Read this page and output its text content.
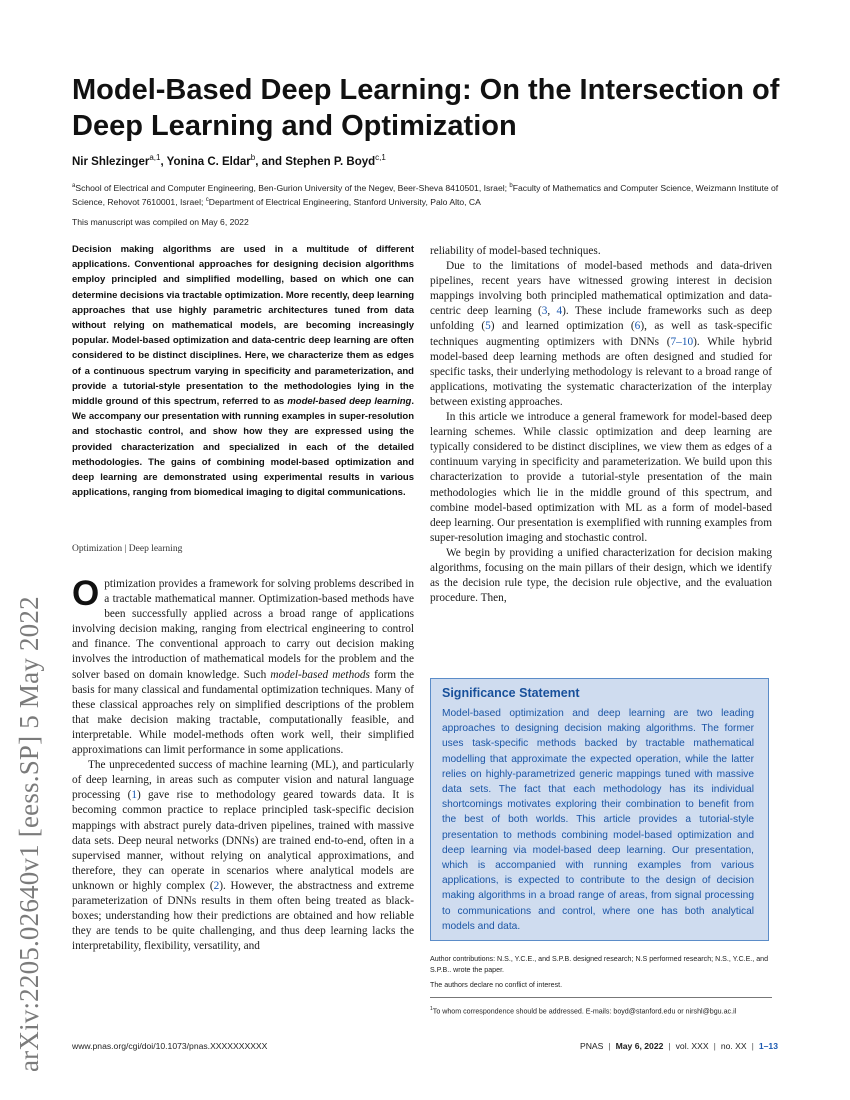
arXiv:2205.02640v1 [eess.SP] 5 May 2022
Model-Based Deep Learning: On the Intersection of Deep Learning and Optimization
Nir Shlezinger$^{a,1}$, Yonina C. Eldar$^b$, and Stephen P. Boyd$^{c,1}$
$^a$School of Electrical and Computer Engineering, Ben-Gurion University of the Negev, Beer-Sheva 8410501, Israel; $^b$Faculty of Mathematics and Computer Science, Weizmann Institute of Science, Rehovot 7610001, Israel; $^c$Department of Electrical Engineering, Stanford University, Palo Alto, CA
This manuscript was compiled on May 6, 2022
Decision making algorithms are used in a multitude of different applications. Conventional approaches for designing decision algorithms employ principled and simplified modelling, based on which one can determine decisions via tractable optimization. More recently, deep learning approaches that use highly parametric architectures tuned from data without relying on mathematical models, are becoming increasingly popular. Model-based optimization and data-centric deep learning are often considered to be distinct disciplines. Here, we characterize them as edges of a continuous spectrum varying in specificity and parameterization, and provide a tutorial-style presentation to the methodologies lying in the middle ground of this spectrum, referred to as model-based deep learning. We accompany our presentation with running examples in super-resolution and stochastic control, and show how they are expressed using the provided characterization and specialized in each of the detailed methodologies. The gains of combining model-based optimization and deep learning are demonstrated using experimental results in various applications, ranging from biomedical imaging to digital communications.
Optimization | Deep learning

Optimization provides a framework for solving problems described in a tractable mathematical manner. Optimization-based methods have been successfully applied across a broad range of applications involving decision making, ranging from electrical engineering to control and finance. The conventional approach to carry out decision making involves the introduction of mathematical models for the problem and the solver based on domain knowledge. Such model-based methods form the basis for many classical and fundamental optimization techniques. Many of these classical approaches rely on simplified descriptions of the problem that make decision making tractable, computationally feasible, and interpretable. While model-methods often work well, their simplified approximations can limit performance in some applications.

The unprecedented success of machine learning (ML), and particularly of deep learning, in areas such as computer vision and natural language processing (1) gave rise to methodology geared towards data. It is becoming common practice to replace principled task-specific decision mappings with abstract purely data-driven pipelines, trained with massive data sets. Deep neural networks (DNNs) are trained end-to-end, often in a supervised manner, without relying on analytical approximations, and therefore, they can operate in scenarios where analytical models are unknown or highly complex (2). However, the abstractness and extreme parameterization of DNNs results in them often being treated as black-boxes; understanding how their predictions are obtained and how reliable they are tends to be quite challenging, and thus deep learning lacks the interpretability, flexibility, versatility, and

reliability of model-based techniques.

Due to the limitations of model-based methods and data-driven pipelines, recent years have witnessed growing interest in decision mappings involving both principled mathematical optimization and data-centric deep learning (3, 4). These include frameworks such as deep unfolding (5) and learned optimization (6), as well as task-specific techniques augmenting optimizers with DNNs (7–10). While hybrid model-based deep learning methods are often designed and studied for specific tasks, their underlying methodology is relevant to a broad range of applications, motivating the systematic characterization of the interplay between existing approaches.

In this article we introduce a general framework for model-based deep learning schemes. While classic optimization and deep learning are typically considered to be distinct disciplines, we view them as edges of a continuum varying in specificity and parameterization. We build upon this characterization to provide a tutorial-style presentation of the main methodologies which lie in the middle ground of this spectrum, and combine model-based optimization with ML as a form of model-based deep learning. Our presentation is exemplified with running examples from super-resolution imaging and stochastic control.

We begin by providing a unified characterization for decision making algorithms, focusing on the main pillars of their design, which we identify as the decision rule type, the decision rule objective, and the evaluation procedure. Then,

Significance Statement
Model-based optimization and deep learning are two leading approaches to designing decision making algorithms. The former uses task-specific methods backed by tractable mathematical modelling that approximate the expected operation, while the latter relies on highly-parametrized generic mappings tuned with massive data sets. The fact that each methodology has its individual shortcomings motivates exploring their combination to benefit from the best of both worlds. This article provides a tutorial-style presentation to methods combining model-based optimization and deep learning via model-based deep learning. Our presentation, which is accompanied with running examples from various applications, is expected to contribute to the design of decision making algorithms in a broad range of areas, from signal processing to communications and control, where one has both analytical models and data.
Author contributions: N.S., Y.C.E., and S.P.B. designed research; N.S performed research; N.S., Y.C.E., and S.P.B.. wrote the paper.
The authors declare no conflict of interest.
$^1$To whom correspondence should be addressed. E-mails: boyd@stanford.edu or nirshl@bgu.ac.il
www.pnas.org/cgi/doi/10.1073/pnas.XXXXXXXXXX	PNAS | May 6, 2022 | vol. XXX | no. XX | 1–13
